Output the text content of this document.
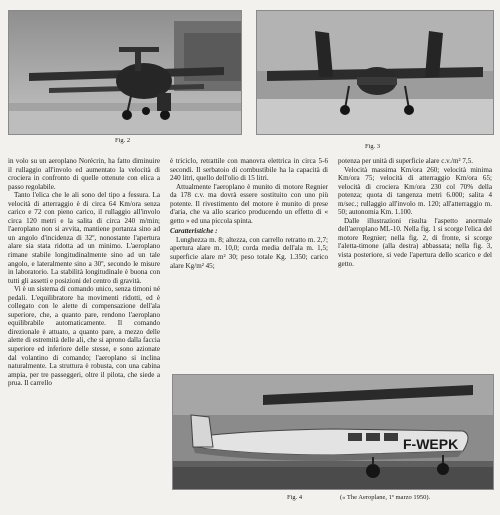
Fig. 2
Fig. 3

in volo su un aeroplano Norécrin, ha fatto diminuire il rullaggio all'involo ed aumentato la velocità di crociera in confronto di quelle ottenute con elica a passo regolabile.

Tanto l'elica che le ali sono del tipo a fessura. La velocità di atterraggio è di circa 64 Km/ora senza carico e 72 con pieno carico, il rullaggio all'involo circa 120 metri e la salita di circa 240 m/min; l'aeroplano non si avvita, mantiene portanza sino ad un angolo d'incidenza di 32º, nonostante l'apertura alare sia stata ridotta ad un minimo. L'aeroplano rimane stabile longitudinalmente sino ad un tale angolo, e lateralmente sino a 30º, secondo le misure in laboratorio. La stabilità longitudinale è buona con tutti gli assetti e posizioni del centro di gravità.

Vi è un sistema di comando unico, senza timoni né pedali. L'equilibratore ha movimenti ridotti, ed è collegato con le alette di compensazione dell'ala superiore, che, a quanto pare, rendono l'aeroplano equilibrabile automaticamente. Il comando direzionale è attuato, a quanto pare, a mezzo delle alette di estremità delle ali, che si aprono dalla faccia superiore ed inferiore delle stesse, e sono azionate dal volantino di comando; l'aeroplano si inclina naturalmente. La struttura è robusta, con una cabina ampia, per tre passeggeri, oltre il pilota, che siede a prua. Il carrello

è triciclo, retrattile con manovra elettrica in circa 5-6 secondi. Il serbatoio di combustibile ha la capacità di 240 litri, quello dell'olio di 15 litri.

Attualmente l'aeroplano è munito di motore Regnier da 178 c.v. ma dovrà essere sostituito con uno più potente. Il rivestimento del motore è munito di prese d'aria, che va allo scarico producendo un effetto di « getto » ed una piccola spinta.

Caratteristiche :

Lunghezza m. 8; altezza, con carrello retratto m. 2,7; apertura alare m. 10,0; corda media dell'ala m. 1,5; superficie alare m² 30; peso totale Kg. 1.350; carico alare Kg/m² 45;

potenza per unità di superficie alare c.v./m² 7,5.

Velocità massima Km/ora 260; velocità minima Km/ora 75; velocità di atterraggio Km/ora 65; velocità di crociera Km/ora 230 col 70% della potenza; quota di tangenza metri 6.000; salita 4 m/sec.; rullaggio all'involo m. 120; all'atterraggio m. 50; autonomia Km. 1.100.

Dalle illustrazioni risulta l'aspetto anormale dell'aeroplano ML-10. Nella fig. 1 si scorge l'elica del motore Regnier; nella fig. 2, di fronte, si scorge l'aletta-timone (alla destra) abbassata; nella fig. 3, vista posteriore, si vede l'apertura dello scarico e del getto.

F-WEPK
Fig. 4	(« The Aeroplane, 1º marzo 1950).
